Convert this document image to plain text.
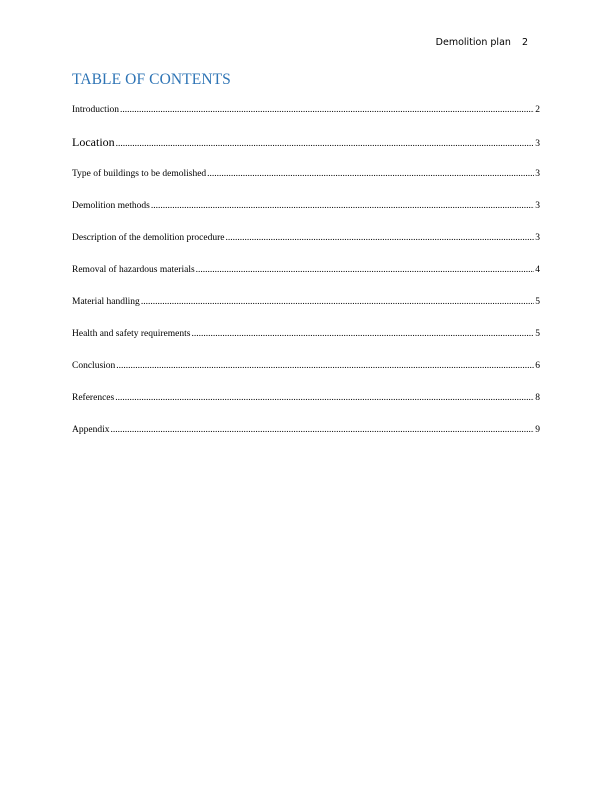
Demolition plan 2
TABLE OF CONTENTS
Introduction .....	2
Location .....	3
Type of buildings to be demolished .....	3
Demolition methods .....	3
Description of the demolition procedure .....	3
Removal of hazardous materials .....	4
Material handling .....	5
Health and safety requirements .....	5
Conclusion .....	6
References .....	8
Appendix .....	9
